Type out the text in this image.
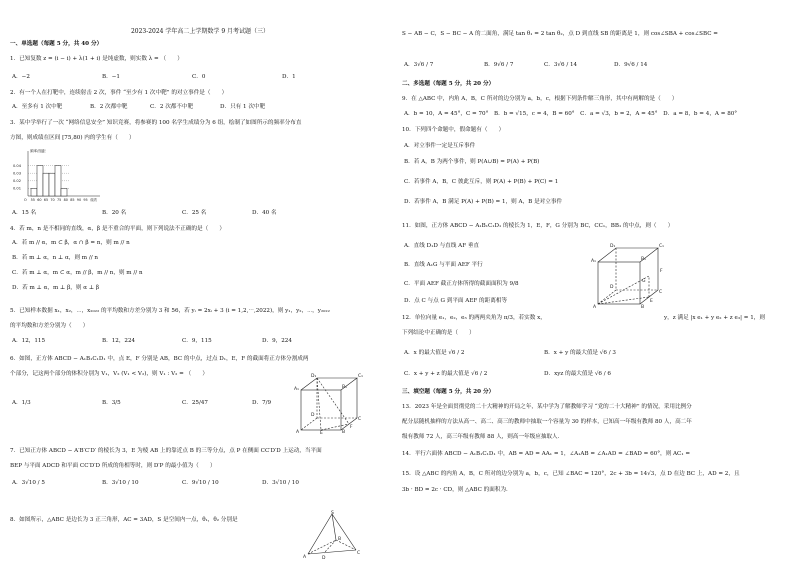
2023-2024 学年高二上学期数学 9 月考试题（三）
一、单选题（每题 5 分，共 40 分）
1．已知复数 z = (i − i) + λ(1 + i) 是纯虚数，则实数 λ = （　　）
A．−2	B．−1	C．0	D．1
2．有一个人在打靶中，连续射击 2 次，事件 “至少有 1 次中靶” 的对立事件是（　　）
A．至多有 1 次中靶	B．2 次都中靶	C．2 次都不中靶	D．只有 1 次中靶
3．某中学举行了一次 “网络信息安全” 知识竞赛，将参赛的 100 名学生成绩分为 6 组，绘制了如图所示的频率分布直
方图，则成绩在区间 [75,80) 内的学生有（　　）
频率/组距
0.04
0.03
0.02
0.01
O 55 60 65 70 75 80 85 90 95 成绩
A．15 名	B．20 名	C．25 名	D．40 名
4．若 m，n 是不相同的直线，α，β 是不重合的平面，则下列说法不正确的是（　　）
A．若 m // α，m ⊂ β，α ∩ β = n，则 m // n
B．若 m ⊥ α，n ⊥ α，则 m // n
C．若 m ⊥ α，m ⊂ α，m // β，m // n，则 m // n
D．若 m ⊥ α，m ⊥ β，则 α ⊥ β
5．已知样本数据 x₁，x₂，⋯，x₂₀₂₂ 的平均数和方差分别为 3 和 56，若 yᵢ = 2xᵢ + 3 (i = 1,2,⋯,2022)，则 y₁，y₂，⋯，y₂₀₂₂
的平均数和方差分别为（　　）
A．12，115	B．12，224	C．9，115	D．9，224
6．如图，正方体 ABCD − A₁B₁C₁D₁ 中，点 E，F 分别是 AB，BC 的中点，过点 D₁，E，F 的截面将正方体分割成两
个部分，记这两个部分的体积分别为 V₁，V₂ (V₁ < V₂)，则 V₁ : V₂ = （　　）
A．1/3	B．3/5	C．25/47	D．7/9
D₁	C₁
A₁	B₁
D
C
A	B
E
F
7．已知正方体 ABCD − A′B′C′D′ 的棱长为 3，E 为棱 AB 上的靠近点 B 的三等分点，点 P 在侧面 CC′D′D 上运动，当平面
BEP 与平面 ADCD 和平面 CC′D′D 所成的角相等时，则 D′P 的最小值为（　　）
A．3√10 / 5	B．3√10 / 10	C．9√10 / 10	D．3√10 / 10
8．如图所示，△ABC 是边长为 3 正三角形，AC = 3AD，S 是空间内一点，θ₁，θ₂ 分别是
S
A
B
C
D
S − AB − C，S − BC − A 的二面角，满足 tan θ₁ = 2 tan θ₂，点 D 到直线 SB 的距离是 1，则 cos∠SBA + cos∠SBC =
A．3√6 / 7	B．9√6 / 7	C．3√6 / 14	D．9√6 / 14
二、多选题（每题 5 分，共 20 分）
9．在 △ABC 中，内角 A，B，C 所对的边分别为 a，b，c，根据下列条件解三角形，其中有两解的是（　　）
A．b = 10，A = 45°，C = 70°　B．b = √15，c = 4，B = 60°　C．a = √3，b = 2，A = 45°　D．a = 8，b = 4，A = 80°
10．下列四个命题中，假命题有（　　）
A．对立事件一定是互斥事件
B．若 A，B 为两个事件，则 P(A∪B) = P(A) + P(B)
C．若事件 A，B，C 彼此互斥，则 P(A) + P(B) + P(C) = 1
D．若事件 A，B 满足 P(A) + P(B) = 1，则 A，B 是对立事件
11．如图，正方体 ABCD − A₁B₁C₁D₁ 的棱长为 1，E，F，G 分别为 BC，CC₁，BB₁ 的中点，则（　　）
A．直线 D₁D 与直线 AF 垂直
B．直线 A₁G 与平面 AEF 平行
C．平面 AEF 截正方体所得的截面面积为 9/8
D．点 C 与点 G 到平面 AEF 的距离相等
D₁	C₁
A₁	B₁
D
C
A	B
E
F
G
12．单位向量 e₁，e₂，e₃ 的两两夹角为 π/3，若实数 x，	y，z 满足 |x e₁ + y e₂ + z e₃| = 1，则
下列结论中正确的是（　　）
A．x 的最大值是 √6 / 2	B．x + y 的最大值是 √6 / 3
C．x + y + z 的最大值是 √6 / 2	D．xyz 的最大值是 √6 / 6
三、填空题（每题 5 分，共 20 分）
13．2023 年是全面贯彻党的二十大精神的开局之年，某中学为了解教师学习 “党的二十大精神” 的情况，采用比例分
配分层随机抽样的方法从高一、高二、高三的教师中抽取一个容量为 30 的样本，已知高一年级有教师 80 人，高二年
级有教师 72 人，高三年级有教师 88 人，则高一年级应抽取人．
14．平行六面体 ABCD − A₁B₁C₁D₁ 中，AB = AD = AA₁ = 1，∠A₁AB = ∠A₁AD = ∠BAD = 60°，则 AC₁ =
15．设 △ABC 的内角 A，B，C 所对的边分别为 a，b，c，已知 ∠BAC = 120°，2c + 3b = 14√3，点 D 在边 BC 上，AD = 2，且
3b · BD = 2c · CD，则 △ABC 的面积为．
